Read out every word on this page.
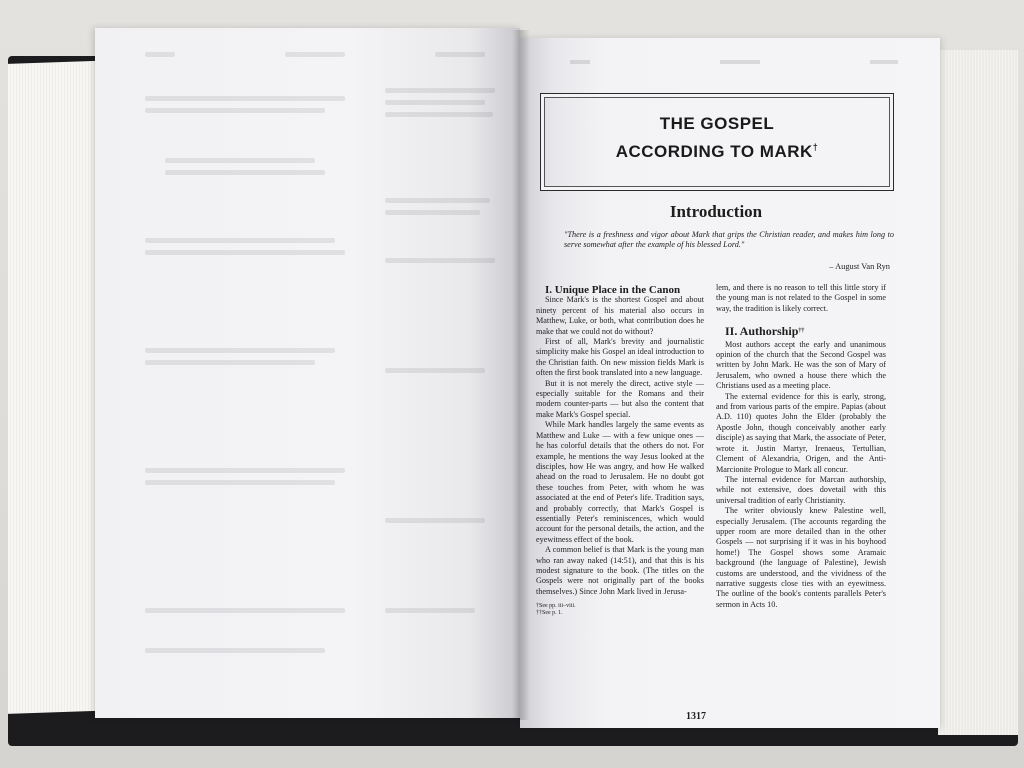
THE GOSPEL

ACCORDING TO MARK†

Introduction

"There is a freshness and vigor about Mark that grips the Christian reader, and makes him long to serve somewhat after the example of his blessed Lord."

– August Van Ryn

I. Unique Place in the Canon

Since Mark's is the shortest Gospel and about ninety percent of his material also occurs in Matthew, Luke, or both, what contribution does he make that we could not do without?

First of all, Mark's brevity and journalistic simplicity make his Gospel an ideal introduction to the Christian faith. On new mission fields Mark is often the first book translated into a new language.

But it is not merely the direct, active style — especially suitable for the Romans and their modern counter-parts — but also the content that make Mark's Gospel special.

While Mark handles largely the same events as Matthew and Luke — with a few unique ones — he has colorful details that the others do not. For example, he mentions the way Jesus looked at the disciples, how He was angry, and how He walked ahead on the road to Jerusalem. He no doubt got these touches from Peter, with whom he was associated at the end of Peter's life. Tradition says, and probably correctly, that Mark's Gospel is essentially Peter's reminiscences, which would account for the personal details, the action, and the eyewitness effect of the book.

A common belief is that Mark is the young man who ran away naked (14:51), and that this is his modest signature to the book. (The titles on the Gospels were not originally part of the books themselves.) Since John Mark lived in Jerusa-

†See pp. iii–viii.
††See p. 1.

lem, and there is no reason to tell this little story if the young man is not related to the Gospel in some way, the tradition is likely correct.

II. Authorship††

Most authors accept the early and unanimous opinion of the church that the Second Gospel was written by John Mark. He was the son of Mary of Jerusalem, who owned a house there which the Christians used as a meeting place.

The external evidence for this is early, strong, and from various parts of the empire. Papias (about A.D. 110) quotes John the Elder (probably the Apostle John, though conceivably another early disciple) as saying that Mark, the associate of Peter, wrote it. Justin Martyr, Irenaeus, Tertullian, Clement of Alexandria, Origen, and the Anti-Marcionite Prologue to Mark all concur.

The internal evidence for Marcan authorship, while not extensive, does dovetail with this universal tradition of early Christianity.

The writer obviously knew Palestine well, especially Jerusalem. (The accounts regarding the upper room are more detailed than in the other Gospels — not surprising if it was in his boyhood home!) The Gospel shows some Aramaic background (the language of Palestine), Jewish customs are understood, and the vividness of the narrative suggests close ties with an eyewitness. The outline of the book's contents parallels Peter's sermon in Acts 10.

1317
